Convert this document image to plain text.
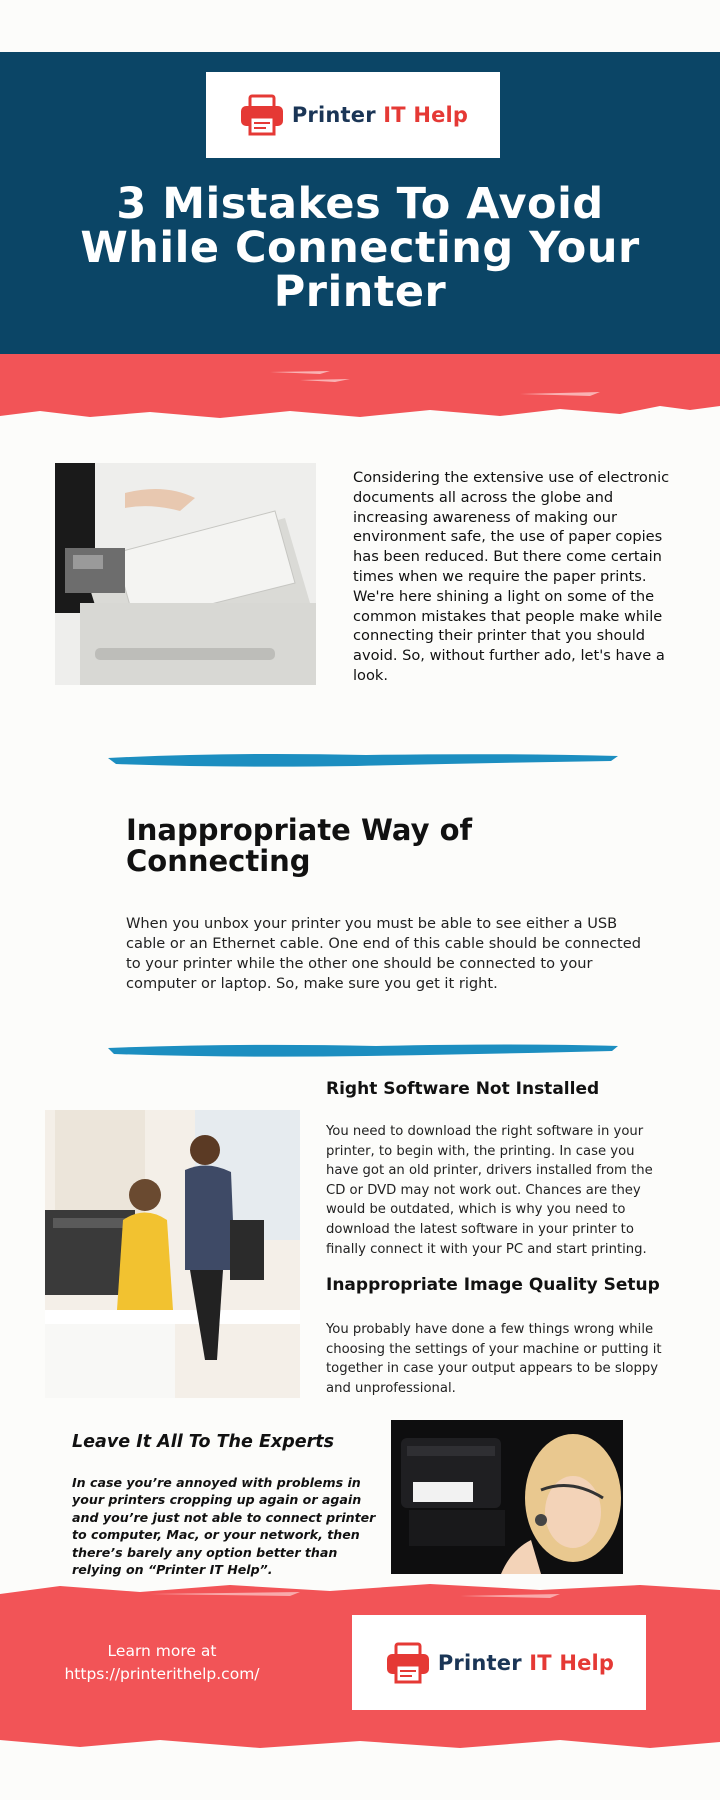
Printer IT Help
3 Mistakes To Avoid While Connecting Your Printer
Considering the extensive use of electronic documents all across the globe and increasing awareness of making our environment safe, the use of paper copies has been reduced. But there come certain times when we require the paper prints. We're here shining a light on some of the common mistakes that people make while connecting their printer that you should avoid. So, without further ado, let's have a look.
Inappropriate Way of Connecting
When you unbox your printer you must be able to see either a USB cable or an Ethernet cable. One end of this cable should be connected to your printer while the other one should be connected to your computer or laptop. So, make sure you get it right.
Right Software Not Installed
You need to download the right software in your printer, to begin with, the printing. In case you have got an old printer, drivers installed from the CD or DVD may not work out. Chances are they would be outdated, which is why you need to download the latest software in your printer to finally connect it with your PC and start printing.
Inappropriate Image Quality Setup
You probably have done a few things wrong while choosing the settings of your machine or putting it together in case your output appears to be sloppy and unprofessional.
Leave It All To The Experts
In case you’re annoyed with problems in your printers cropping up again or again and you’re just not able to connect printer to computer, Mac, or your network, then there’s barely any option better than relying on “Printer IT Help”.
Learn more at
https://printerithelp.com/	Printer IT Help
